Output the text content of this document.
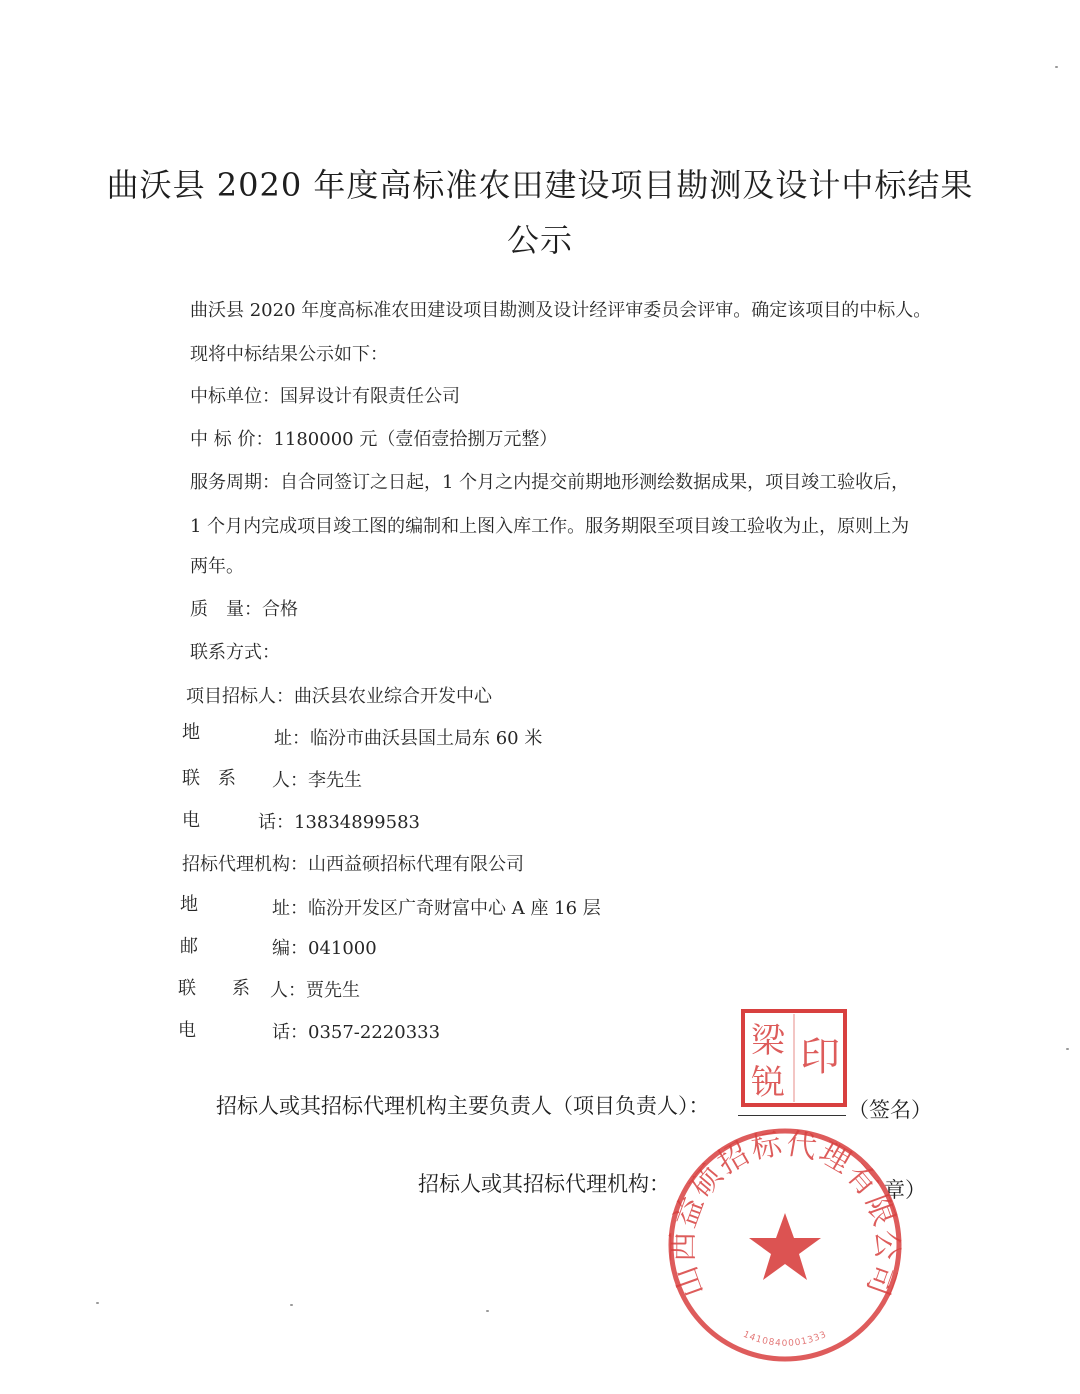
曲沃县 2020 年度高标准农田建设项目勘测及设计中标结果
公示
曲沃县 2020 年度高标准农田建设项目勘测及设计经评审委员会评审。确定该项目的中标人。
现将中标结果公示如下：
中标单位：国昇设计有限责任公司
中 标 价：1180000 元（壹佰壹拾捌万元整）
服务周期：自合同签订之日起，1 个月之内提交前期地形测绘数据成果，项目竣工验收后，
1 个月内完成项目竣工图的编制和上图入库工作。服务期限至项目竣工验收为止，原则上为
两年。
质　量：合格
联系方式：
项目招标人：曲沃县农业综合开发中心
地	址：临汾市曲沃县国土局东 60 米
联　系 人：李先生
电	话：13834899583
招标代理机构：山西益硕招标代理有限公司
地	址：临汾开发区广奇财富中心 A 座 16 层
邮	编：041000
联　　系 人：贾先生
电	话：0357-2220333
招标人或其招标代理机构主要负责人（项目负责人）：	（签名）
招标人或其招标代理机构：	章）
梁 印
锐
山西益硕招标代理有限公司
1410840001333
